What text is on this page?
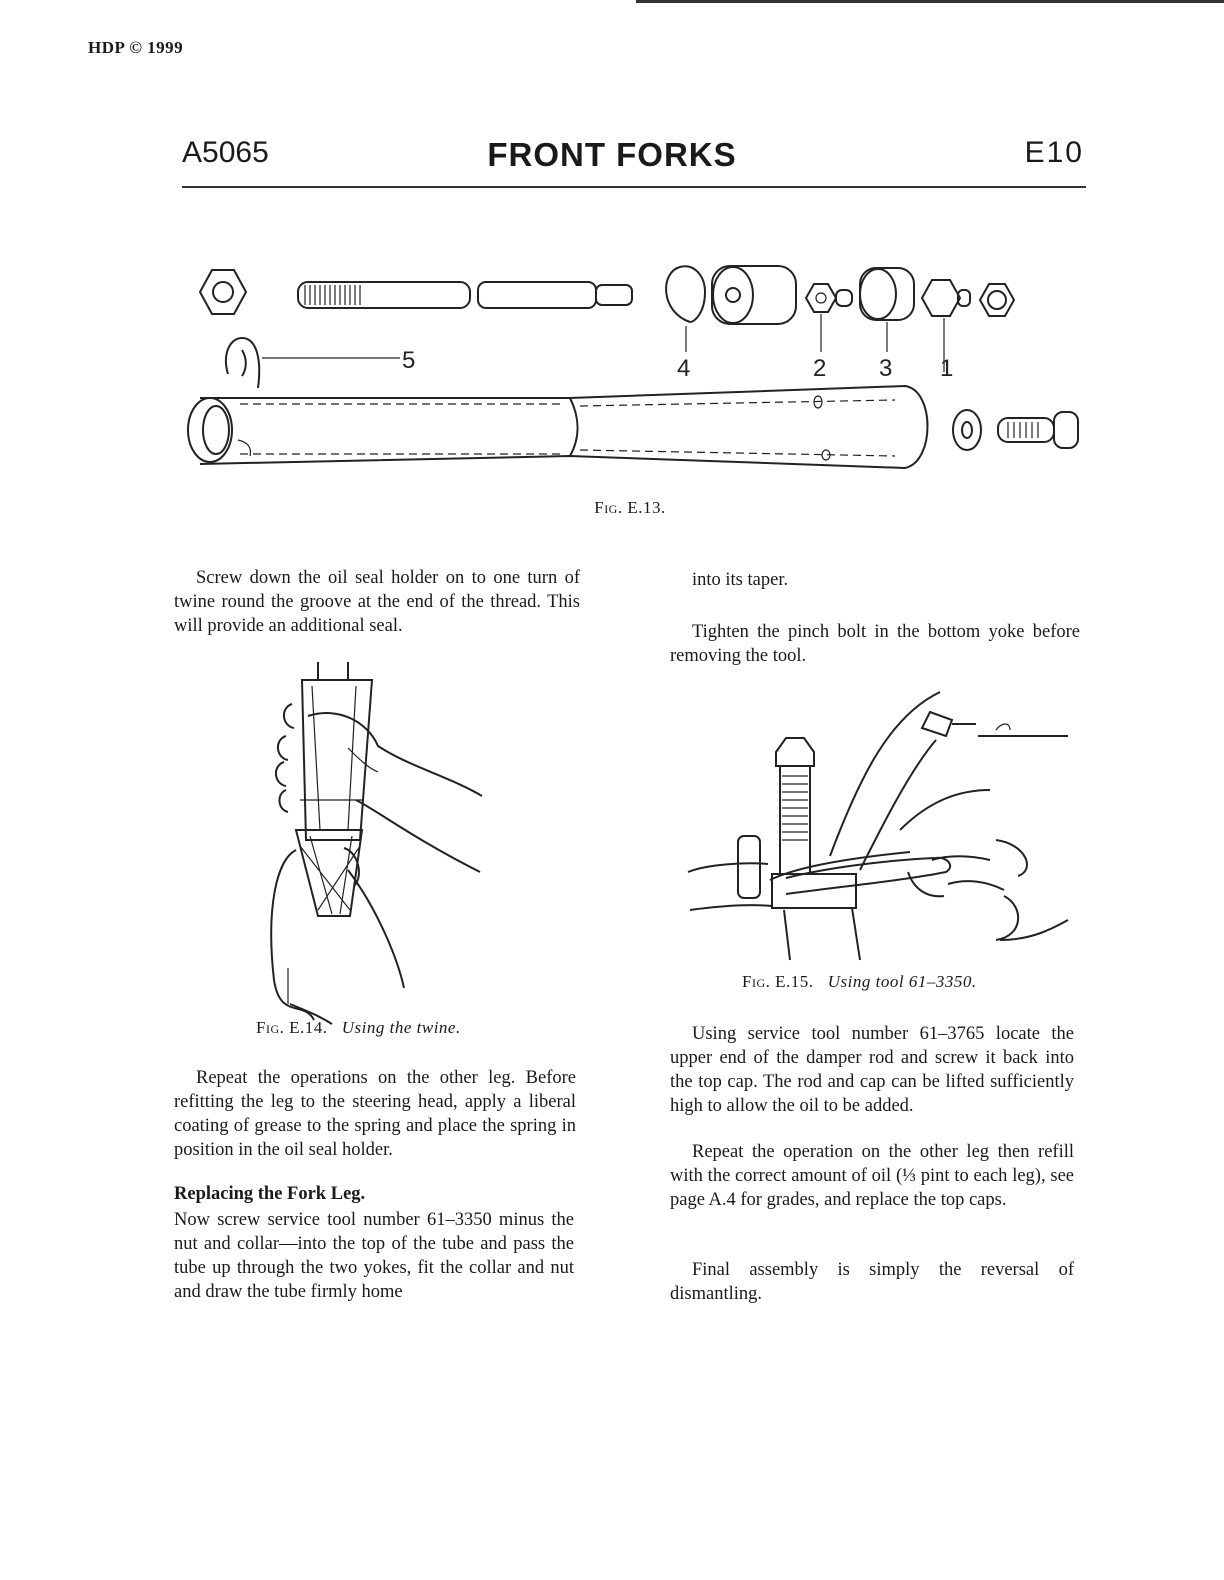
HDP © 1999
A5065	FRONT FORKS	E10
5	4	2 3 1
Fig. E.13.
Screw down the oil seal holder on to one turn of twine round the groove at the end of the thread. This will provide an additional seal.
Fig. E.14. Using the twine.
Repeat the operations on the other leg. Before refitting the leg to the steering head, apply a liberal coating of grease to the spring and place the spring in position in the oil seal holder.
Replacing the Fork Leg.
Now screw service tool number 61–3350 minus the nut and collar—into the top of the tube and pass the tube up through the two yokes, fit the collar and nut and draw the tube firmly home
into its taper.
Tighten the pinch bolt in the bottom yoke before removing the tool.
Fig. E.15. Using tool 61–3350.
Using service tool number 61–3765 locate the upper end of the damper rod and screw it back into the top cap. The rod and cap can be lifted sufficiently high to allow the oil to be added.
Repeat the operation on the other leg then refill with the correct amount of oil (⅓ pint to each leg), see page A.4 for grades, and replace the top caps.
Final assembly is simply the reversal of dismantling.
